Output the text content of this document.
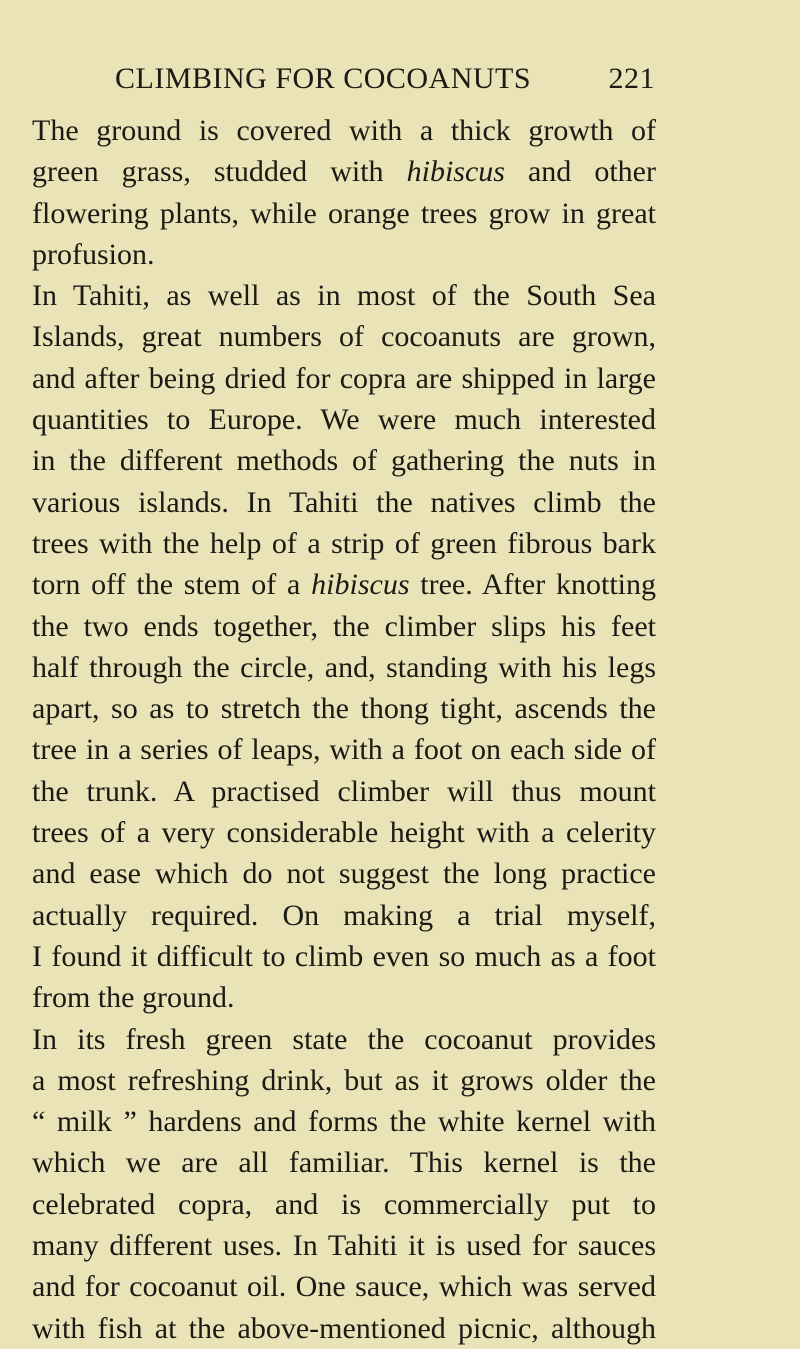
CLIMBING FOR COCOANUTS	221
The ground is covered with a thick growth of
green grass, studded with hibiscus and other
flowering plants, while orange trees grow in great
profusion.
In Tahiti, as well as in most of the South Sea
Islands, great numbers of cocoanuts are grown,
and after being dried for copra are shipped in large
quantities to Europe. We were much interested
in the different methods of gathering the nuts in
various islands. In Tahiti the natives climb the
trees with the help of a strip of green fibrous bark
torn off the stem of a hibiscus tree. After knotting
the two ends together, the climber slips his feet
half through the circle, and, standing with his legs
apart, so as to stretch the thong tight, ascends the
tree in a series of leaps, with a foot on each side of
the trunk. A practised climber will thus mount
trees of a very considerable height with a celerity
and ease which do not suggest the long practice
actually required. On making a trial myself,
I found it difficult to climb even so much as a foot
from the ground.
In its fresh green state the cocoanut provides
a most refreshing drink, but as it grows older the
“ milk ” hardens and forms the white kernel with
which we are all familiar. This kernel is the
celebrated copra, and is commercially put to
many different uses. In Tahiti it is used for sauces
and for cocoanut oil. One sauce, which was served
with fish at the above-mentioned picnic, although
